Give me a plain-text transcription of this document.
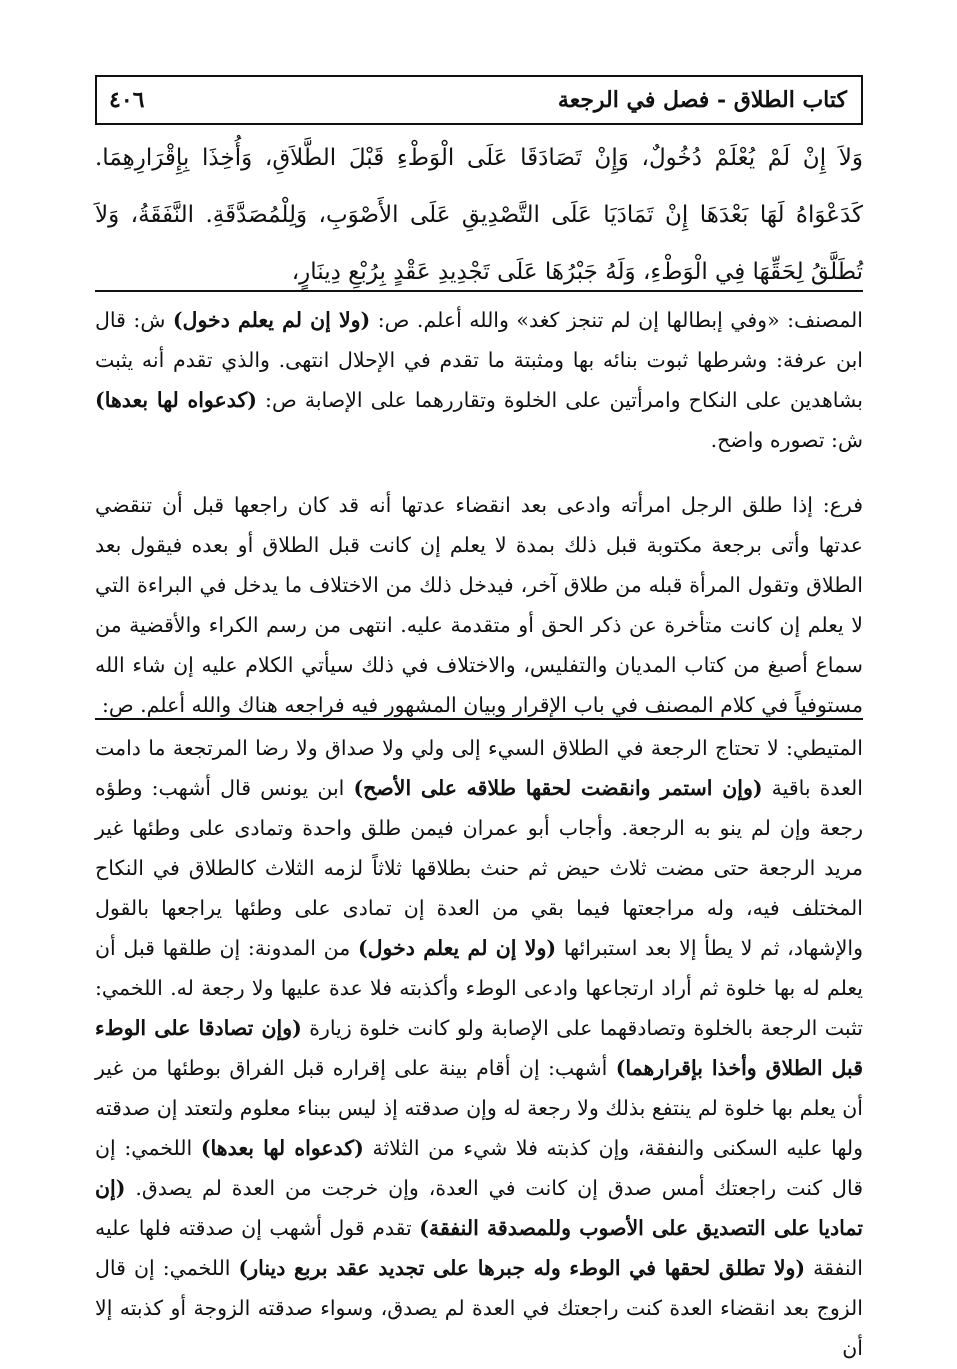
كتاب الطلاق - فصل في الرجعة
٤٠٦

وَلاَ إِنْ لَمْ يُعْلَمْ دُخُولٌ، وَإِنْ تَصَادَقَا عَلَى الْوَطْءِ قَبْلَ الطَّلاَقِ، وَأُخِذَا بِإِقْرَارِهِمَا. كَدَعْوَاهُ لَهَا بَعْدَهَا إِنْ تَمَادَيَا عَلَى التَّصْدِيقِ عَلَى الأَصْوَبِ، وَلِلْمُصَدَّقَةِ. النَّفَقَةُ، وَلاَ تُطَلَّقُ لِحَقِّهَا فِي الْوَطْءِ، وَلَهُ جَبْرُهَا عَلَى تَجْدِيدِ عَقْدٍ بِرُبْعِ دِينَارٍ،

المصنف: «وفي إبطالها إن لم تنجز كغد» والله أعلم. ص: (ولا إن لم يعلم دخول) ش: قال ابن عرفة: وشرطها ثبوت بنائه بها ومثبتة ما تقدم في الإحلال انتهى. والذي تقدم أنه يثبت بشاهدين على النكاح وامرأتين على الخلوة وتقاررهما على الإصابة ص: (كدعواه لها بعدها) ش: تصوره واضح.

فرع: إذا طلق الرجل امرأته وادعى بعد انقضاء عدتها أنه قد كان راجعها قبل أن تنقضي عدتها وأتى برجعة مكتوبة قبل ذلك بمدة لا يعلم إن كانت قبل الطلاق أو بعده فيقول بعد الطلاق وتقول المرأة قبله من طلاق آخر، فيدخل ذلك من الاختلاف ما يدخل في البراءة التي لا يعلم إن كانت متأخرة عن ذكر الحق أو متقدمة عليه. انتهى من رسم الكراء والأقضية من سماع أصبغ من كتاب المديان والتفليس، والاختلاف في ذلك سيأتي الكلام عليه إن شاء الله مستوفياً في كلام المصنف في باب الإقرار وبيان المشهور فيه فراجعه هناك والله أعلم. ص:

المتيطي: لا تحتاج الرجعة في الطلاق السيء إلى ولي ولا صداق ولا رضا المرتجعة ما دامت العدة باقية (وإن استمر وانقضت لحقها طلاقه على الأصح) ابن يونس قال أشهب: وطؤه رجعة وإن لم ينو به الرجعة. وأجاب أبو عمران فيمن طلق واحدة وتمادى على وطئها غير مريد الرجعة حتى مضت ثلاث حيض ثم حنث بطلاقها ثلاثاً لزمه الثلاث كالطلاق في النكاح المختلف فيه، وله مراجعتها فيما بقي من العدة إن تمادى على وطئها يراجعها بالقول والإشهاد، ثم لا يطأ إلا بعد استبرائها (ولا إن لم يعلم دخول) من المدونة: إن طلقها قبل أن يعلم له بها خلوة ثم أراد ارتجاعها وادعى الوطء وأكذبته فلا عدة عليها ولا رجعة له. اللخمي: تثبت الرجعة بالخلوة وتصادقهما على الإصابة ولو كانت خلوة زيارة (وإن تصادقا على الوطء قبل الطلاق وأخذا بإقرارهما) أشهب: إن أقام بينة على إقراره قبل الفراق بوطئها من غير أن يعلم بها خلوة لم ينتفع بذلك ولا رجعة له وإن صدقته إذ ليس ببناء معلوم ولتعتد إن صدقته ولها عليه السكنى والنفقة، وإن كذبته فلا شيء من الثلاثة (كدعواه لها بعدها) اللخمي: إن قال كنت راجعتك أمس صدق إن كانت في العدة، وإن خرجت من العدة لم يصدق. (إن تماديا على التصديق على الأصوب وللمصدقة النفقة) تقدم قول أشهب إن صدقته فلها عليه النفقة (ولا تطلق لحقها في الوطء وله جبرها على تجديد عقد بربع دينار) اللخمي: إن قال الزوج بعد انقضاء العدة كنت راجعتك في العدة لم يصدق، وسواء صدقته الزوجة أو كذبته إلا أن
